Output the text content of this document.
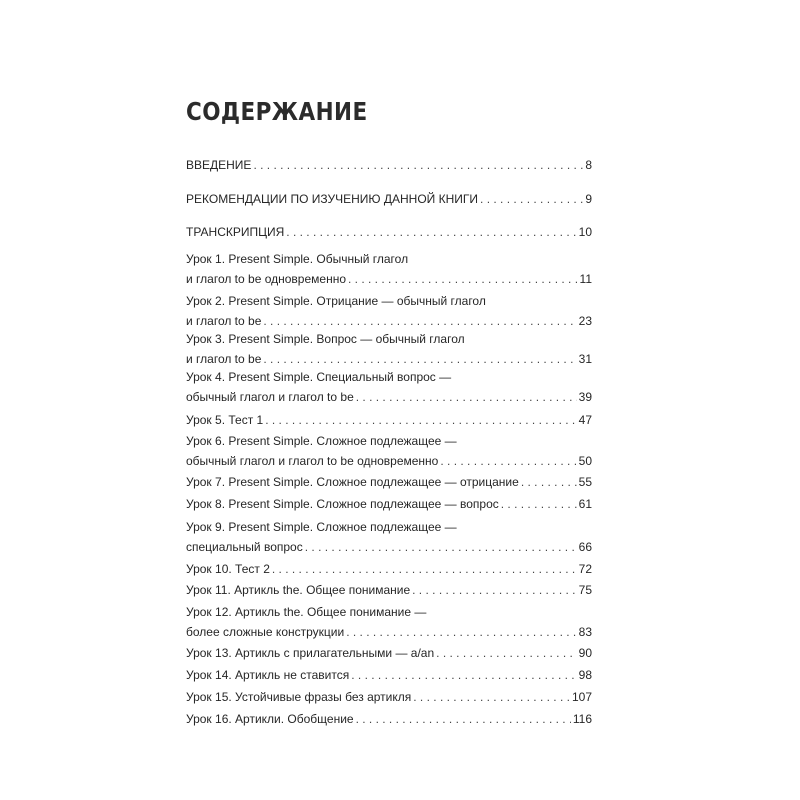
СОДЕРЖАНИЕ
ВВЕДЕНИЕ . . .	8
РЕКОМЕНДАЦИИ ПО ИЗУЧЕНИЮ ДАННОЙ КНИГИ . . .	9
ТРАНСКРИПЦИЯ . . .	10
Урок 1. Present Simple. Обычный глагол
и глагол to be одновременно . . .	11
Урок 2. Present Simple. Отрицание — обычный глагол
и глагол to be . . .	23
Урок 3. Present Simple. Вопрос — обычный глагол
и глагол to be . . .	31
Урок 4. Present Simple. Специальный вопрос —
обычный глагол и глагол to be . . .	39
Урок 5. Тест 1 . . .	47
Урок 6. Present Simple. Сложное подлежащее —
обычный глагол и глагол to be одновременно . . .	50
Урок 7. Present Simple. Сложное подлежащее — отрицание . . .	55
Урок 8. Present Simple. Сложное подлежащее — вопрос . . .	61
Урок 9. Present Simple. Сложное подлежащее —
специальный вопрос . . .	66
Урок 10. Тест 2 . . .	72
Урок 11. Артикль the. Общее понимание . . .	75
Урок 12. Артикль the. Общее понимание —
более сложные конструкции . . .	83
Урок 13. Артикль с прилагательными — a/an . . .	90
Урок 14. Артикль не ставится . . .	98
Урок 15. Устойчивые фразы без артикля . . .	107
Урок 16. Артикли. Обобщение . . .	116
